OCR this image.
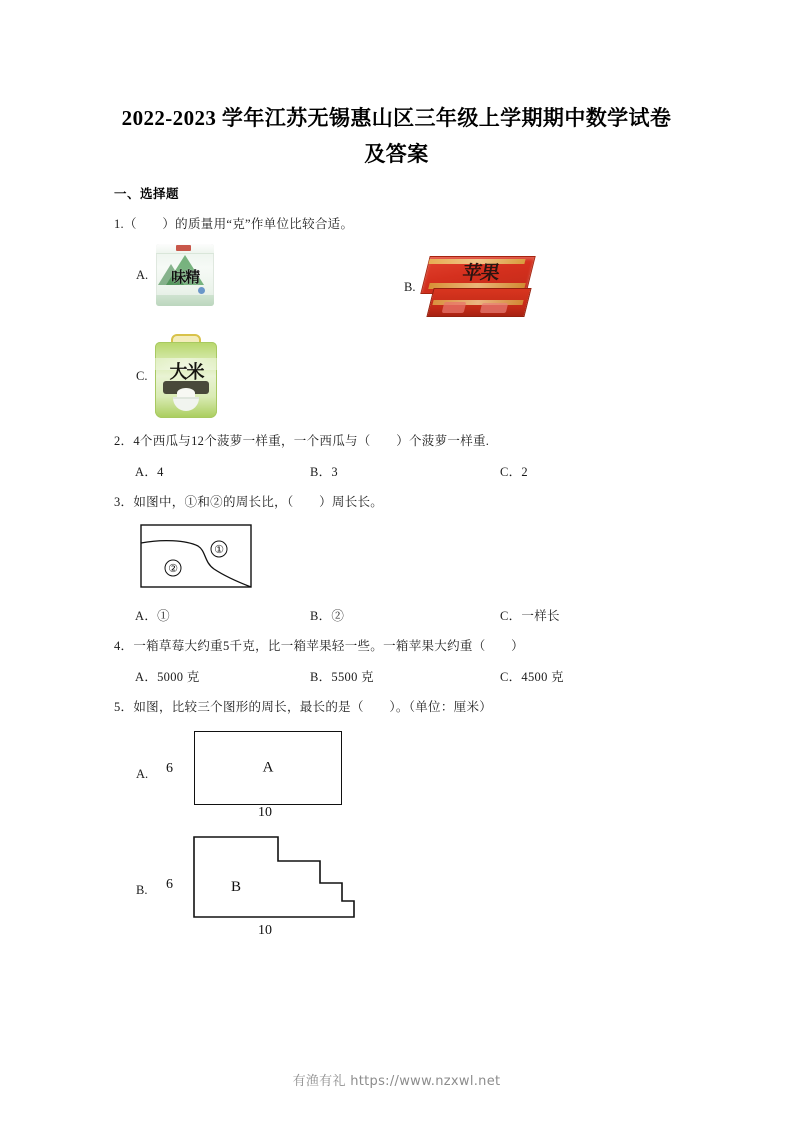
2022-2023 学年江苏无锡惠山区三年级上学期期中数学试卷
及答案
一、选择题
1.（　　）的质量用“克”作单位比较合适。
A.	味精
B.
苹果
C.	大米
2．4个西瓜与12个菠萝一样重，一个西瓜与（　　）个菠萝一样重.
A．4	B．3	C．2
3．如图中，①和②的周长比，（　　）周长长。
①
②
A．①	B．②	C．一样长
4．一箱草莓大约重5千克，比一箱苹果轻一些。一箱苹果大约重（　　）
A．5000 克	B．5500 克	C．4500 克
5．如图，比较三个图形的周长，最长的是（　　）。（单位：厘米）
A. 6	A
10
B. 6	B
10
有渔有礼 https://www.nzxwl.net
